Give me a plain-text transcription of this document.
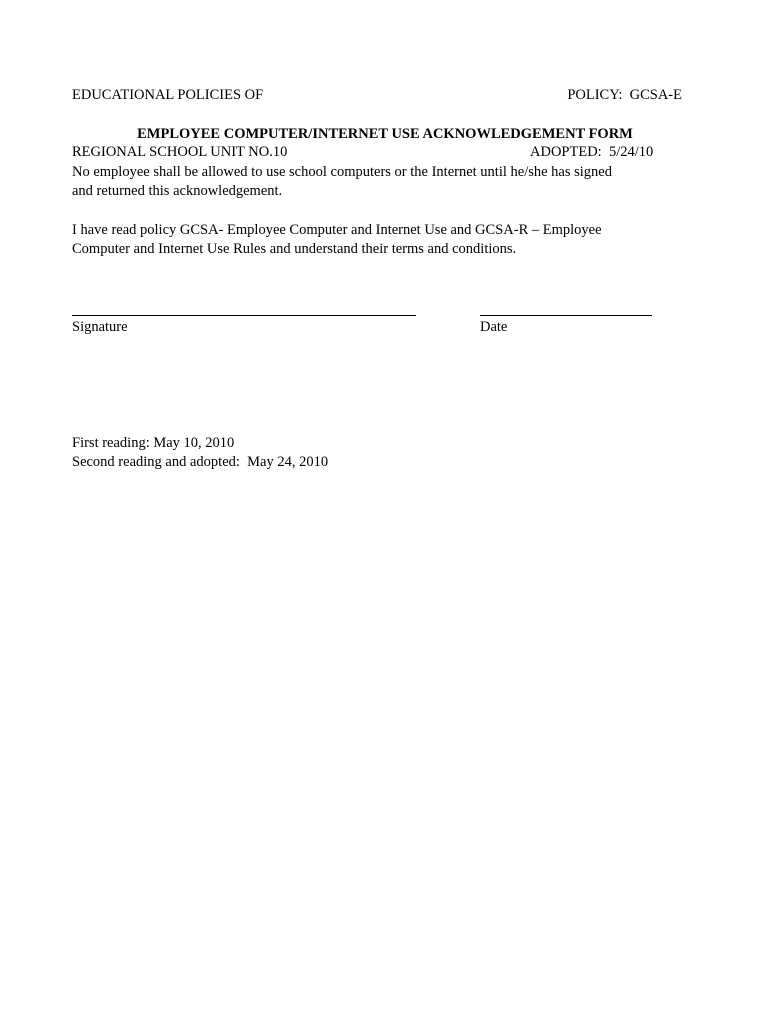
EDUCATIONAL POLICIES OF

REGIONAL SCHOOL UNIT NO.10

POLICY:  GCSA-E

ADOPTED:  5/24/10

EMPLOYEE COMPUTER/INTERNET USE ACKNOWLEDGEMENT FORM
No employee shall be allowed to use school computers or the Internet until he/she has signed
and returned this acknowledgement.
I have read policy GCSA- Employee Computer and Internet Use and GCSA-R – Employee
Computer and Internet Use Rules and understand their terms and conditions.
Signature	Date
First reading: May 10, 2010
Second reading and adopted:  May 24, 2010
